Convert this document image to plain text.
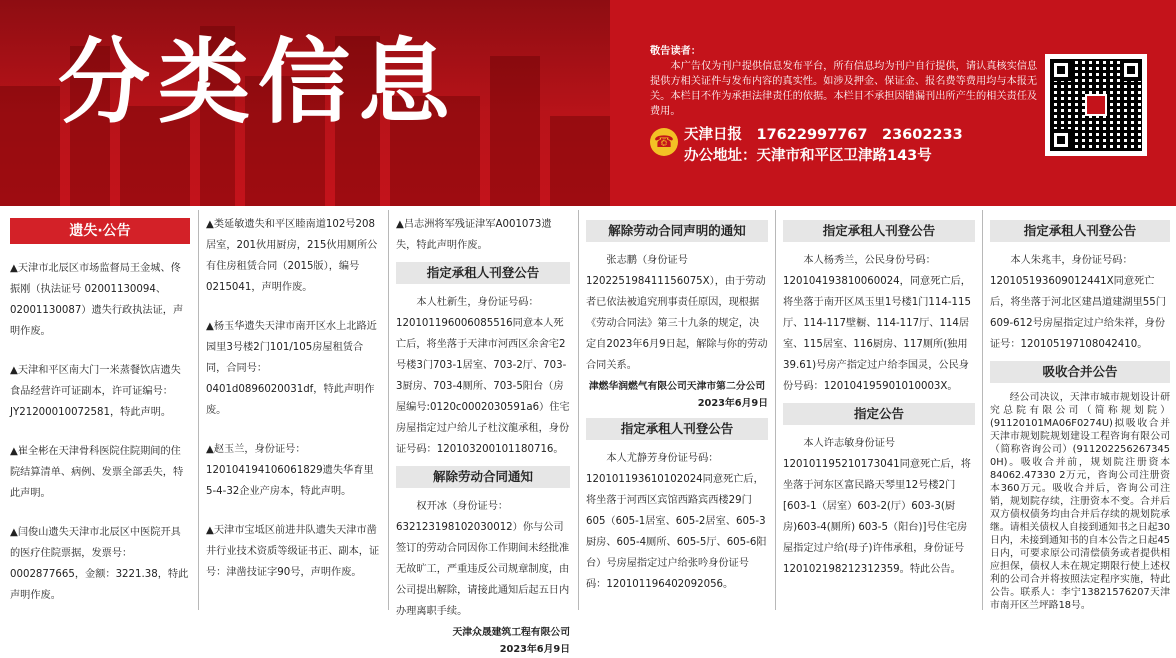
分类信息	敬告读者：

本广告仅为刊户提供信息发布平台，所有信息均为刊户自行提供，请认真核实信息提供方相关证件与发布内容的真实性。如涉及押金、保证金、报名费等费用均与本报无关。本栏目不作为承担法律责任的依据。本栏目不承担因错漏刊出所产生的相关责任及费用。

☎ 天津日报　17622997767　23602233
办公地址：天津市和平区卫津路143号
遗失·公告

▲天津市北辰区市场监督局王金城、佟振刚（执法证号 02001130094、02001130087）遗失行政执法证，声明作废。

▲天津和平区南大门一米蒸餐饮店遗失食品经营许可证副本，许可证编号：JY21200010072581，特此声明。

▲崔全彬在天津骨科医院住院期间的住院结算清单、病例、发票全部丢失，特此声明。

▲闫俊山遗失天津市北辰区中医院开具的医疗住院票据，发票号：0002877665，金额：3221.38，特此声明作废。

▲类延敏遗失和平区睦南道102号208居室，201伙用厨房，215伙用厕所公有住房租赁合同（2015版），编号0215041，声明作废。

▲杨玉华遗失天津市南开区水上北路近园里3号楼2门101/105房屋租赁合同，合同号：0401d0896020031df，特此声明作废。

▲赵玉兰，身份证号：120104194106061829遗失华育里5-4-32企业产房本，特此声明。

▲天津市宝坻区前进井队遗失天津市凿井行业技术资质等级证书正、副本，证号：津凿技证字90号，声明作废。

▲吕志洲将军残证津军A001073遗失，特此声明作废。

指定承租人刊登公告

本人杜新生，身份证号码：120101196006085516同意本人死亡后，将坐落于天津市河西区余舍宅2号楼3门703-1居室、703-2厅、703-3厨房、703-4厕所、703-5阳台（房屋编号:0120c0002030591a6）住宅房屋指定过户给儿子杜汶龍承租，身份证号码：120103200101180716。

解除劳动合同通知

权开冰（身份证号：632123198102030012）你与公司签订的劳动合同因你工作期间未经批准无故旷工，严重违反公司规章制度，由公司提出解除，请接此通知后起五日内办理离职手续。

天津众晟建筑工程有限公司
2023年6月9日
解除劳动合同声明的通知

张志鹏（身份证号120225198411156075X），由于劳动者已依法被追究刑事责任原因，现根据《劳动合同法》第三十九条的规定，决定自2023年6月9日起，解除与你的劳动合同关系。

津燃华润燃气有限公司天津市第二分公司
2023年6月9日
指定承租人刊登公告

本人尤静芳身份证号码：120101193610102024同意死亡后，将坐落于河西区宾馆西路宾西楼29门605（605-1居室、605-2居室、605-3厨房、605-4厕所、605-5厅、605-6阳台）号房屋指定过户给张吟身份证号码：120101196402092056。

指定承租人刊登公告

本人杨秀兰，公民身份号码：120104193810060024，同意死亡后，将坐落于南开区凤玉里1号楼1门114-115厅、114-117壁橱、114-117厅、114居室、115居室、116厨房、117厕所(独用39.61)号房产指定过户给李国灵，公民身份号码：120104195901010003X。

指定公告

本人许志敏身份证号120101195210173041同意死亡后，将坐落于河东区富民路天琴里12号楼2门[603-1（居室）603-2(厅）603-3(厨房)603-4(厕所) 603-5（阳台)]号住宅房屋指定过户给(母子)许伟承租，身份证号120102198212312359。特此公告。

指定承租人刊登公告

本人朱兆丰，身份证号码：120105193609012441X同意死亡后，将坐落于河北区建昌道建湖里55门609-612号房屋指定过户给朱祥，身份证号：120105197108042410。

吸收合并公告

经公司决议，天津市城市规划设计研究总院有限公司（简称规划院）(91120101MA06F0274U)拟吸收合并天津市规划院规划建设工程咨询有限公司（简称咨询公司）(911202256267345 0H)。吸收合并前，规划院注册资本84062.47330 2万元，咨询公司注册资本360万元。吸收合并后，咨询公司注销，规划院存续，注册资本不变。合并后双方债权债务均由合并后存续的规划院承继。请相关债权人自接到通知书之日起30日内，未接到通知书的自本公告之日起45日内，可要求原公司清偿债务或者提供相应担保，债权人未在规定期限行使上述权利的公司合并将按照法定程序实施，特此公告。联系人：李宁13821576207天津市南开区兰坪路18号。
